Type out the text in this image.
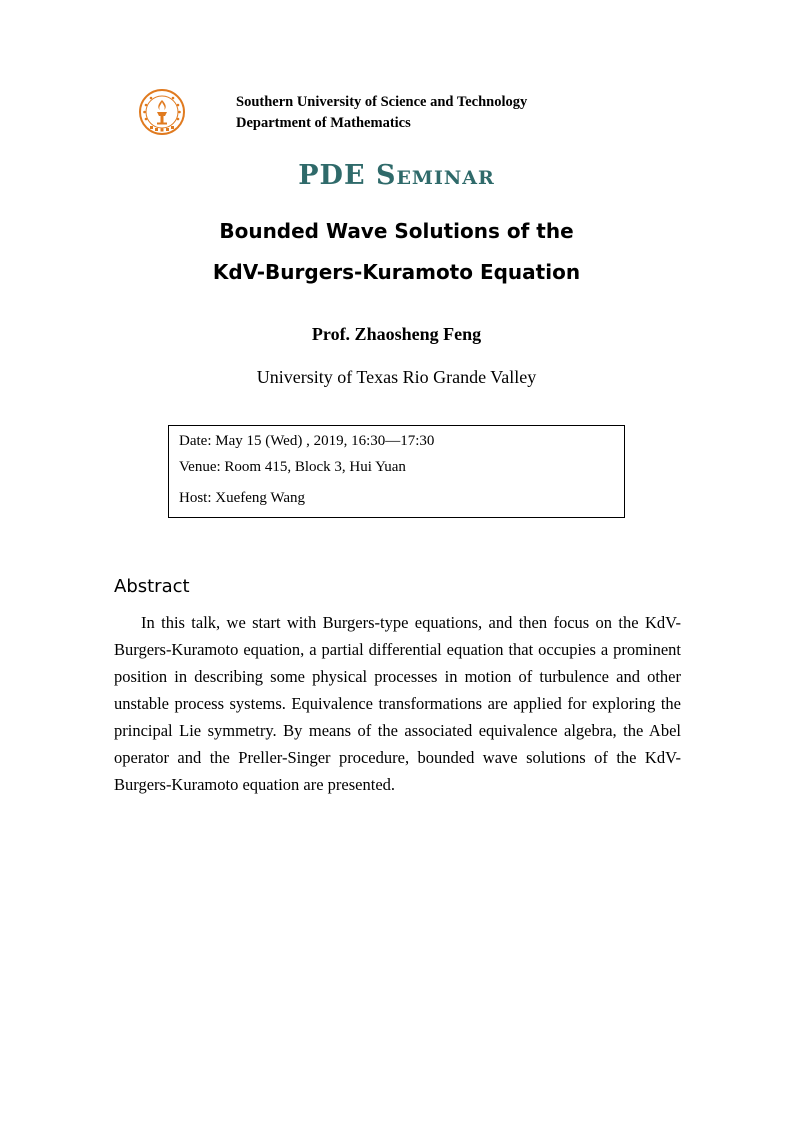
Southern University of Science and Technology
Department of Mathematics
PDE Seminar
Bounded Wave Solutions of the
KdV-Burgers-Kuramoto Equation
Prof. Zhaosheng Feng
University of Texas Rio Grande Valley
Date: May 15 (Wed) , 2019, 16:30—17:30
Venue: Room 415, Block 3, Hui Yuan
Host: Xuefeng Wang
Abstract

In this talk, we start with Burgers-type equations, and then focus on the KdV-Burgers-Kuramoto equation, a partial differential equation that occupies a prominent position in describing some physical processes in motion of turbulence and other unstable process systems. Equivalence transformations are applied for exploring the principal Lie symmetry. By means of the associated equivalence algebra, the Abel operator and the Preller-Singer procedure, bounded wave solutions of the KdV-Burgers-Kuramoto equation are presented.
